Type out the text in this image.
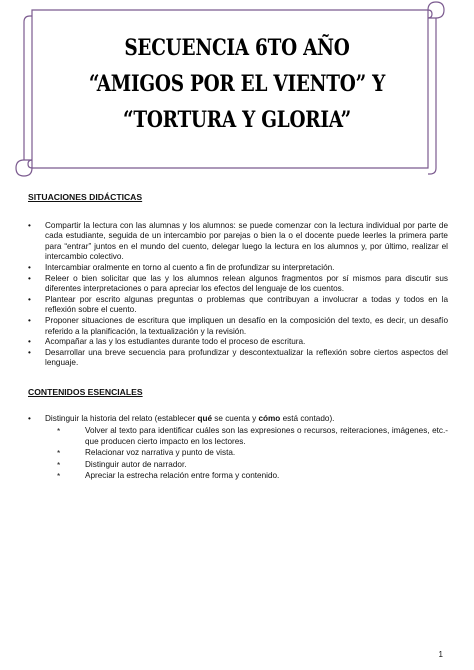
SECUENCIA 6TO AÑO
“AMIGOS POR EL VIENTO” Y
“TORTURA Y GLORIA”
SITUACIONES DIDÁCTICAS
• Compartir la lectura con las alumnas y los alumnos: se puede comenzar con la lectura individual por parte de cada estudiante, seguida de un intercambio por parejas o bien la o el docente puede leerles la primera parte para “entrar” juntos en el mundo del cuento, delegar luego la lectura en los alumnos y, por último, realizar el intercambio colectivo.
• Intercambiar oralmente en torno al cuento a fin de profundizar su interpretación.
• Releer o bien solicitar que las y los alumnos relean algunos fragmentos por sí mismos para discutir sus diferentes interpretaciones o para apreciar los efectos del lenguaje de los cuentos.
• Plantear por escrito algunas preguntas o problemas que contribuyan a involucrar a todas y todos en la reflexión sobre el cuento.
• Proponer situaciones de escritura que impliquen un desafío en la composición del texto, es decir, un desafío referido a la planificación, la textualización y la revisión.
• Acompañar a las y los estudiantes durante todo el proceso de escritura.
• Desarrollar una breve secuencia para profundizar y descontextualizar la reflexión sobre ciertos aspectos del lenguaje.
CONTENIDOS ESENCIALES
• Distinguir la historia del relato (establecer qué se cuenta y cómo está contado).
*	Volver al texto para identificar cuáles son las expresiones o recursos, reiteraciones, imágenes, etc.- que producen cierto impacto en los lectores.
*	Relacionar voz narrativa y punto de vista.
*	Distinguir autor de narrador.
*	Apreciar la estrecha relación entre forma y contenido.
1
